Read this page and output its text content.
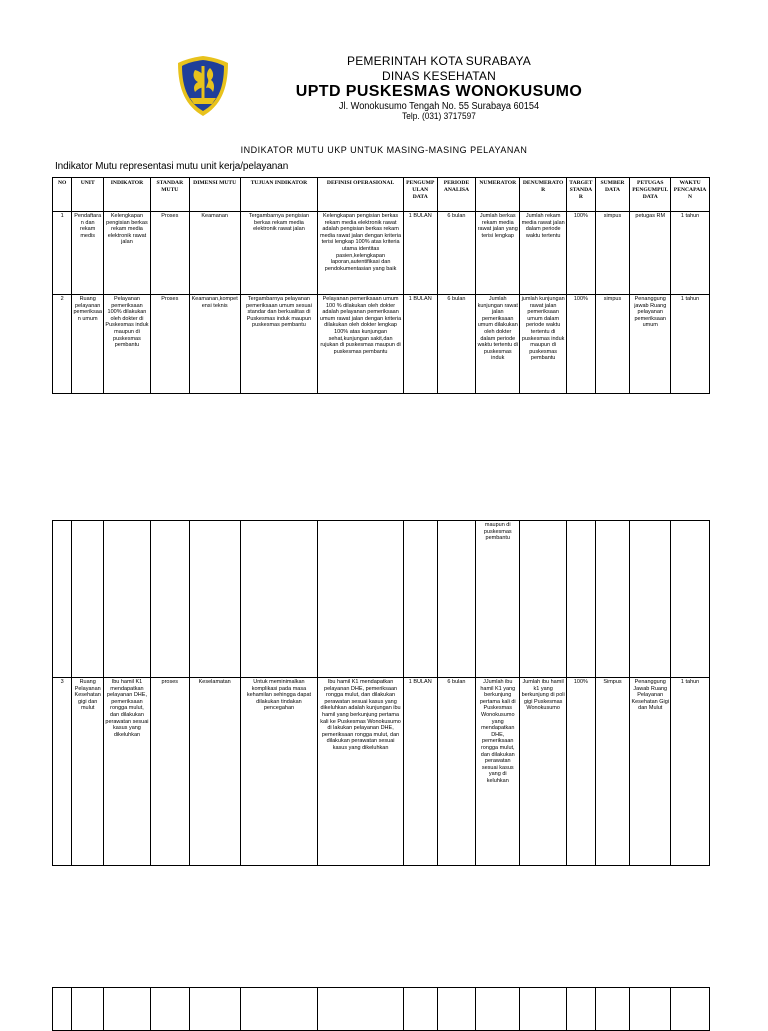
PEMERINTAH KOTA SURABAYA
DINAS KESEHATAN
UPTD PUSKESMAS WONOKUSUMO
Jl. Wonokusumo Tengah No. 55 Surabaya 60154
Telp. (031) 3717597
INDIKATOR MUTU UKP UNTUK MASING-MASING PELAYANAN
Indikator Mutu representasi mutu unit kerja/pelayanan
NO	UNIT	INDIKATOR	STANDAR MUTU	DIMENSI MUTU	TUJUAN INDIKATOR	DEFINISI OPERASIONAL	PENGUMPULAN DATA	PERIODE ANALISA	NUMERATOR	DENUMERATOR	TARGET STANDAR	SUMBER DATA	PETUGAS PENGUMPUL DATA	WAKTU PENCAPAIAN
1	Pendaftaran dan rekam medis	Kelengkapan pengisian berkas rekam media elektronik rawat jalan	Proses	Keamanan	Tergambarnya pengisian berkas rekam media elektronik rawat jalan	Kelengkapan pengisian berkas rekam media elektronik rawat adalah pengisian berkas rekam media rawat jalan dengan kriteria terisi lengkap 100% atas kriteria utama identitas pasien,kelengkapan laporan,autentifikasi dan pendokumentasian yang baik	1 BULAN	6 bulan	Jumlah berkas rekam media rawat jalan yang terisi lengkap	Jumlah rekam media rawat jalan dalam periode waktu tertentu	100%	simpus	petugas RM	1 tahun
2	Ruang pelayanan pemeriksaan umum	Pelayanan pemeriksaan 100% dilakukan oleh dokter di Puskesmas induk maupun di puskesmas pembantu	Proses	Keamanan,kompetensi teknis	Tergambarnya pelayanan pemeriksaan umum sesuai standar dan berkualitas di Puskesmas induk maupun puskesmas pembantu	Pelayanan pemeriksaan umum 100 % dilakukan oleh dokter adalah pelayanan pemeriksaan umum rawat jalan dengan kriteria dilakukan oleh dokter lengkap 100% atas kunjungan sehat,kunjungan sakit,dan rujukan di puskesmas maupun di puskesmas pembantu	1 BULAN	6 bulan	Jumlah kunjungan rawat jalan pemeriksaan umum dilakukan oleh dokter dalam periode waktu tertentu di puskesmas induk	jumlah kunjungan rawat jalan pemeriksaan umum dalam periode waktu tertentu di puskesmas induk maupun di puskesmas pembantu	100%	simpus	Penanggung jawab Ruang pelayanan pemeriksaan umum	1 tahun
									maupun di puskesmas pembantu					
3	Ruang Pelayanan Kesehatan gigi dan mulut	Ibu hamil K1 mendapatkan pelayanan DHE, pemeriksaan rongga mulut, dan dilakukan perawatan sesuai kasus yang dikeluhkan	proses	Keselamatan	Untuk meminimalkan komplikasi pada masa kehamilan sehingga dapat dilakukan tindakan pencegahan	Ibu hamil K1 mendapatkan pelayanan DHE, pemeriksaan rongga mulut, dan dilakukan perawatan sesuai kasus yang dikeluhkan adalah kunjungan ibu hamil yang berkunjung pertama kali ke Puskesmas Wonokusumo di lakukan pelayanan DHE, pemeriksaan rongga mulut, dan dilakukan perawatan sesuai kasus yang dikeluhkan	1 BULAN	6 bulan	JJumlah ibu hamil K1 yang berkunjung pertama kali di Puskesmas Wonokusumo yang mendapatkan DHE, pemeriksaan rongga mulut, dan dilakukan perawatan sesuai kasus yang di keluhkan	Jumlah ibu hamil k1 yang berkunjung di poli gigi Puskesmas Wonokusumo	100%	Simpus	Penanggung Jawab Ruang Pelayanan Kesehatan Gigi dan Mulut	1 tahun
